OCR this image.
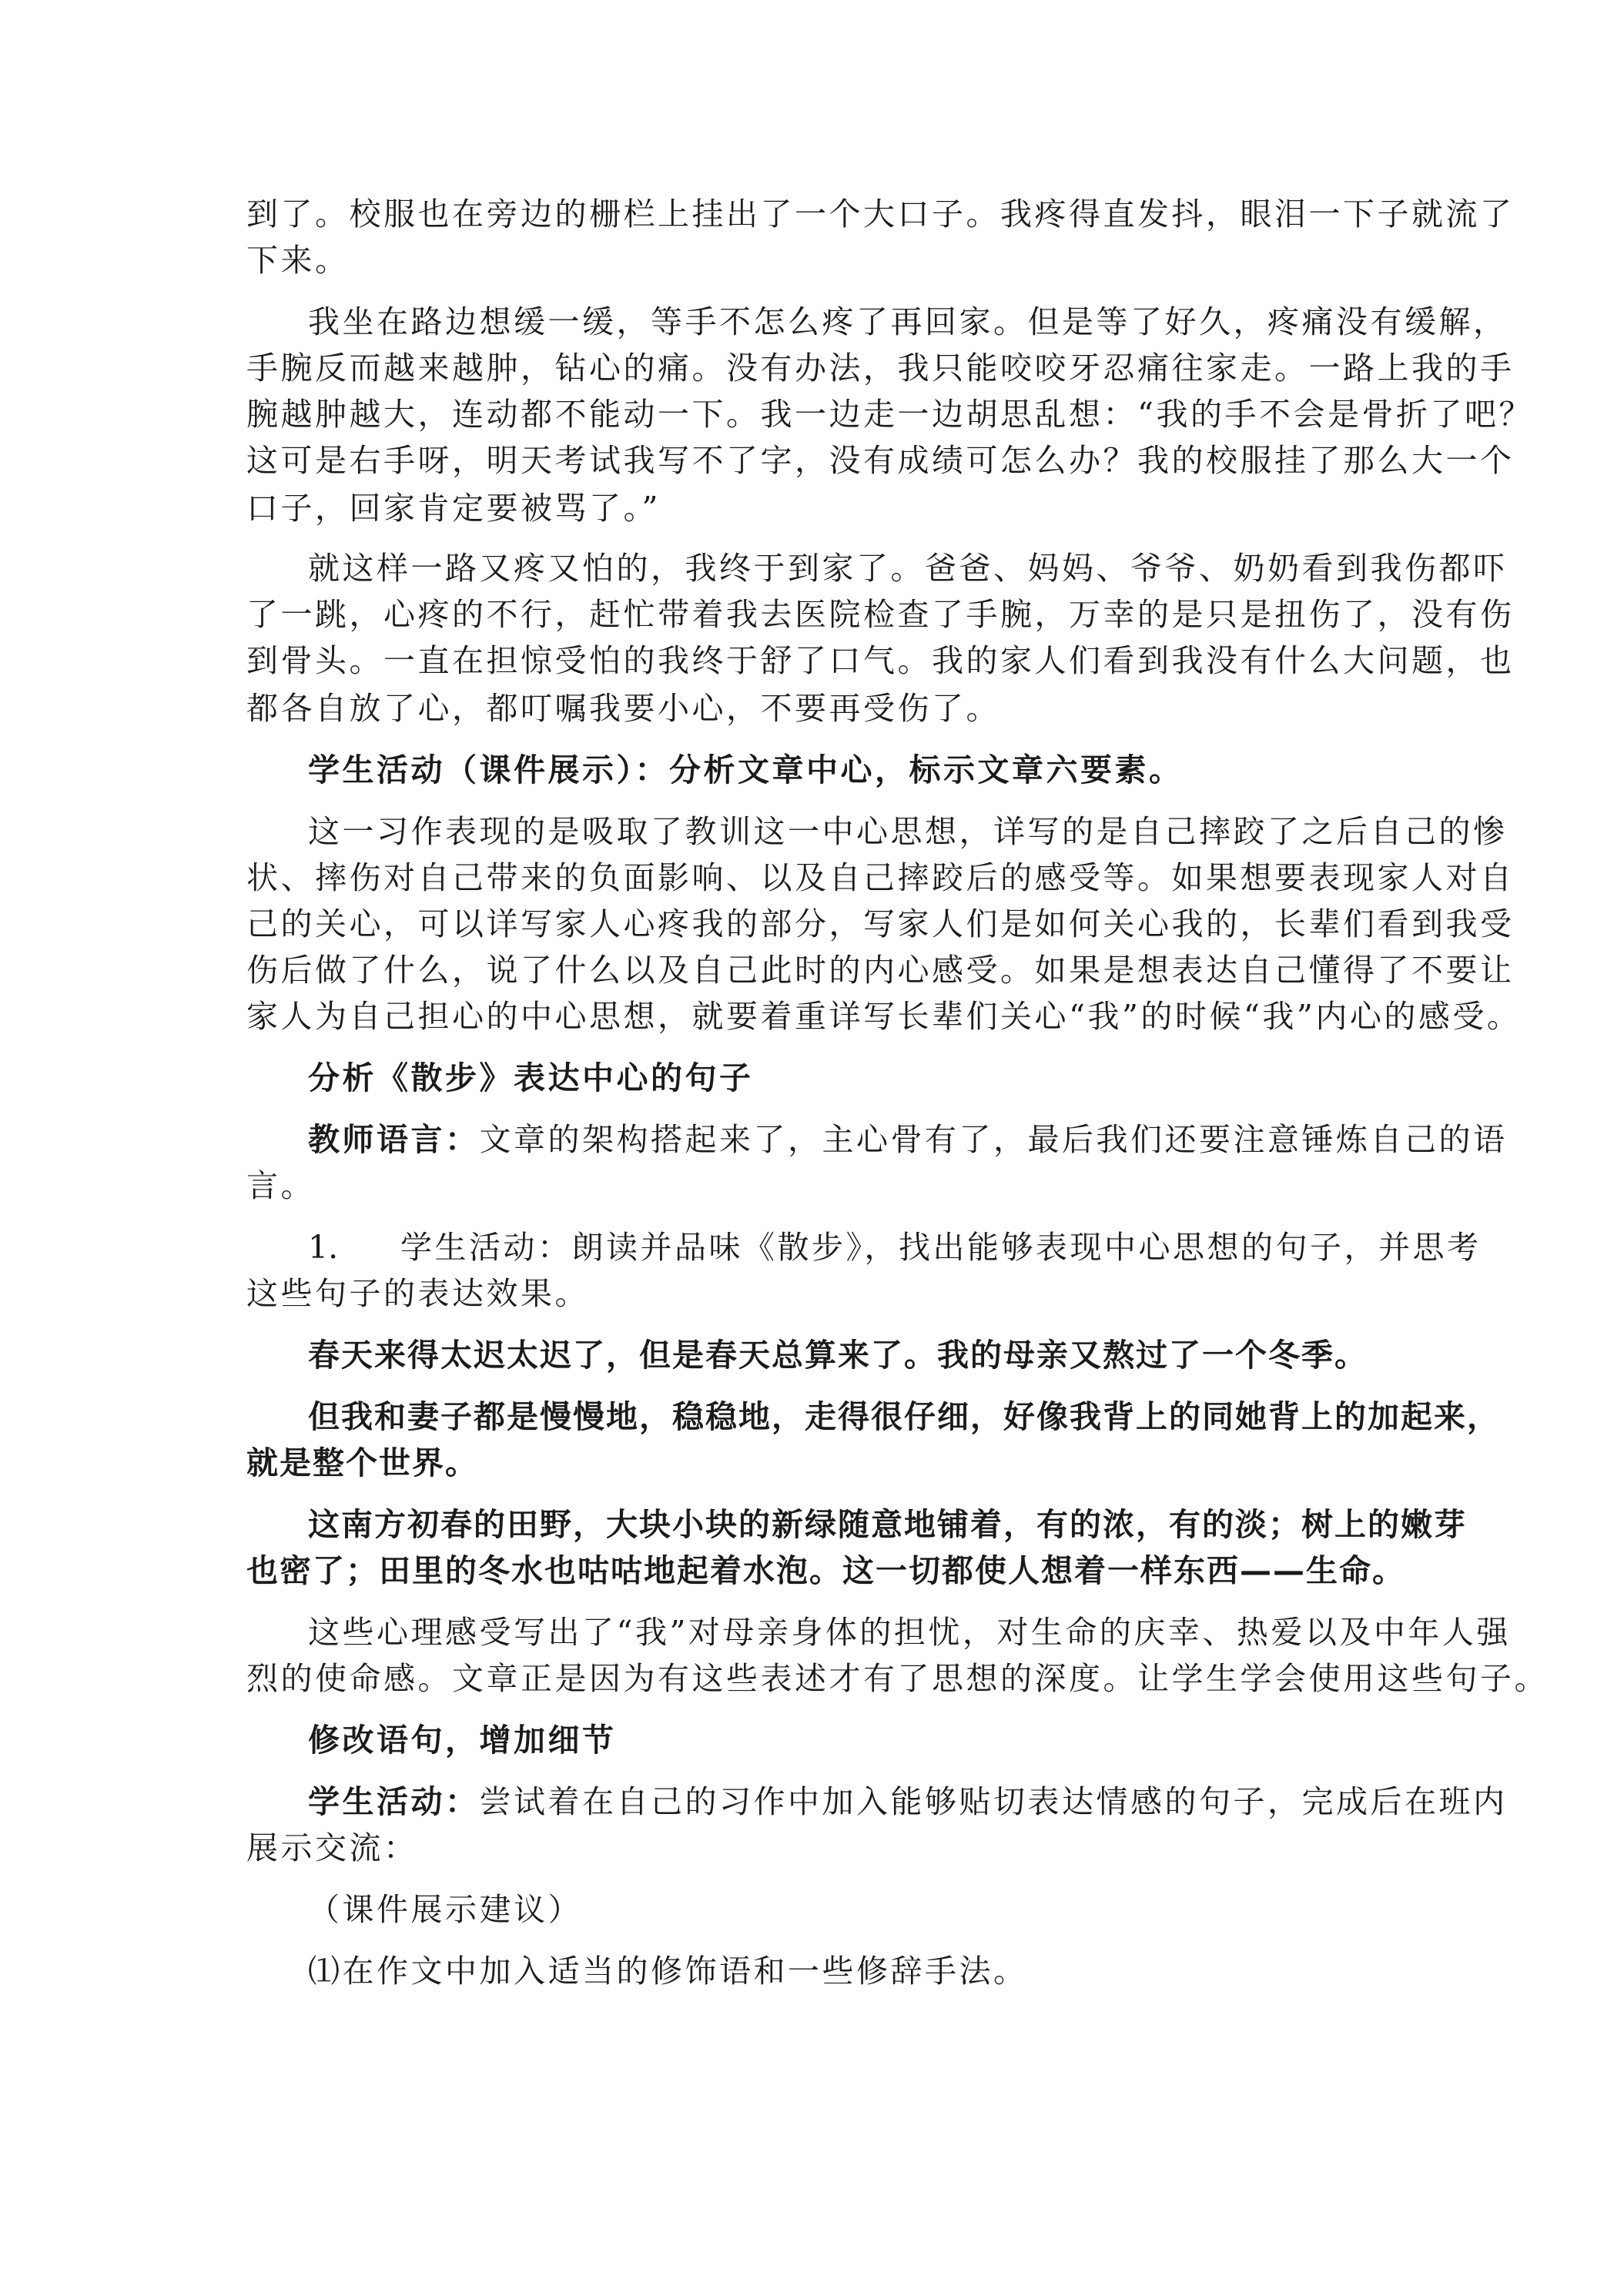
到了。校服也在旁边的栅栏上挂出了一个大口子。我疼得直发抖，眼泪一下子就流了
下来。
我坐在路边想缓一缓，等手不怎么疼了再回家。但是等了好久，疼痛没有缓解，
手腕反而越来越肿，钻心的痛。没有办法，我只能咬咬牙忍痛往家走。一路上我的手
腕越肿越大，连动都不能动一下。我一边走一边胡思乱想：“我的手不会是骨折了吧？
这可是右手呀，明天考试我写不了字，没有成绩可怎么办？我的校服挂了那么大一个
口子，回家肯定要被骂了。”
就这样一路又疼又怕的，我终于到家了。爸爸、妈妈、爷爷、奶奶看到我伤都吓
了一跳，心疼的不行，赶忙带着我去医院检查了手腕，万幸的是只是扭伤了，没有伤
到骨头。一直在担惊受怕的我终于舒了口气。我的家人们看到我没有什么大问题，也
都各自放了心，都叮嘱我要小心，不要再受伤了。
学生活动（课件展示）：分析文章中心，标示文章六要素。
这一习作表现的是吸取了教训这一中心思想，详写的是自己摔跤了之后自己的惨
状、摔伤对自己带来的负面影响、以及自己摔跤后的感受等。如果想要表现家人对自
己的关心，可以详写家人心疼我的部分，写家人们是如何关心我的，长辈们看到我受
伤后做了什么，说了什么以及自己此时的内心感受。如果是想表达自己懂得了不要让
家人为自己担心的中心思想，就要着重详写长辈们关心“我”的时候“我”内心的感受。
分析《散步》表达中心的句子
教师语言：文章的架构搭起来了，主心骨有了，最后我们还要注意锤炼自己的语
言。
1. 学生活动：朗读并品味《散步》，找出能够表现中心思想的句子，并思考
这些句子的表达效果。
春天来得太迟太迟了，但是春天总算来了。我的母亲又熬过了一个冬季。
但我和妻子都是慢慢地，稳稳地，走得很仔细，好像我背上的同她背上的加起来，
就是整个世界。
这南方初春的田野，大块小块的新绿随意地铺着，有的浓，有的淡；树上的嫩芽
也密了；田里的冬水也咕咕地起着水泡。这一切都使人想着一样东西——生命。
这些心理感受写出了“我”对母亲身体的担忧，对生命的庆幸、热爱以及中年人强
烈的使命感。文章正是因为有这些表述才有了思想的深度。让学生学会使用这些句子。
修改语句，增加细节
学生活动：尝试着在自己的习作中加入能够贴切表达情感的句子，完成后在班内
展示交流：
（课件展示建议）
⑴在作文中加入适当的修饰语和一些修辞手法。
